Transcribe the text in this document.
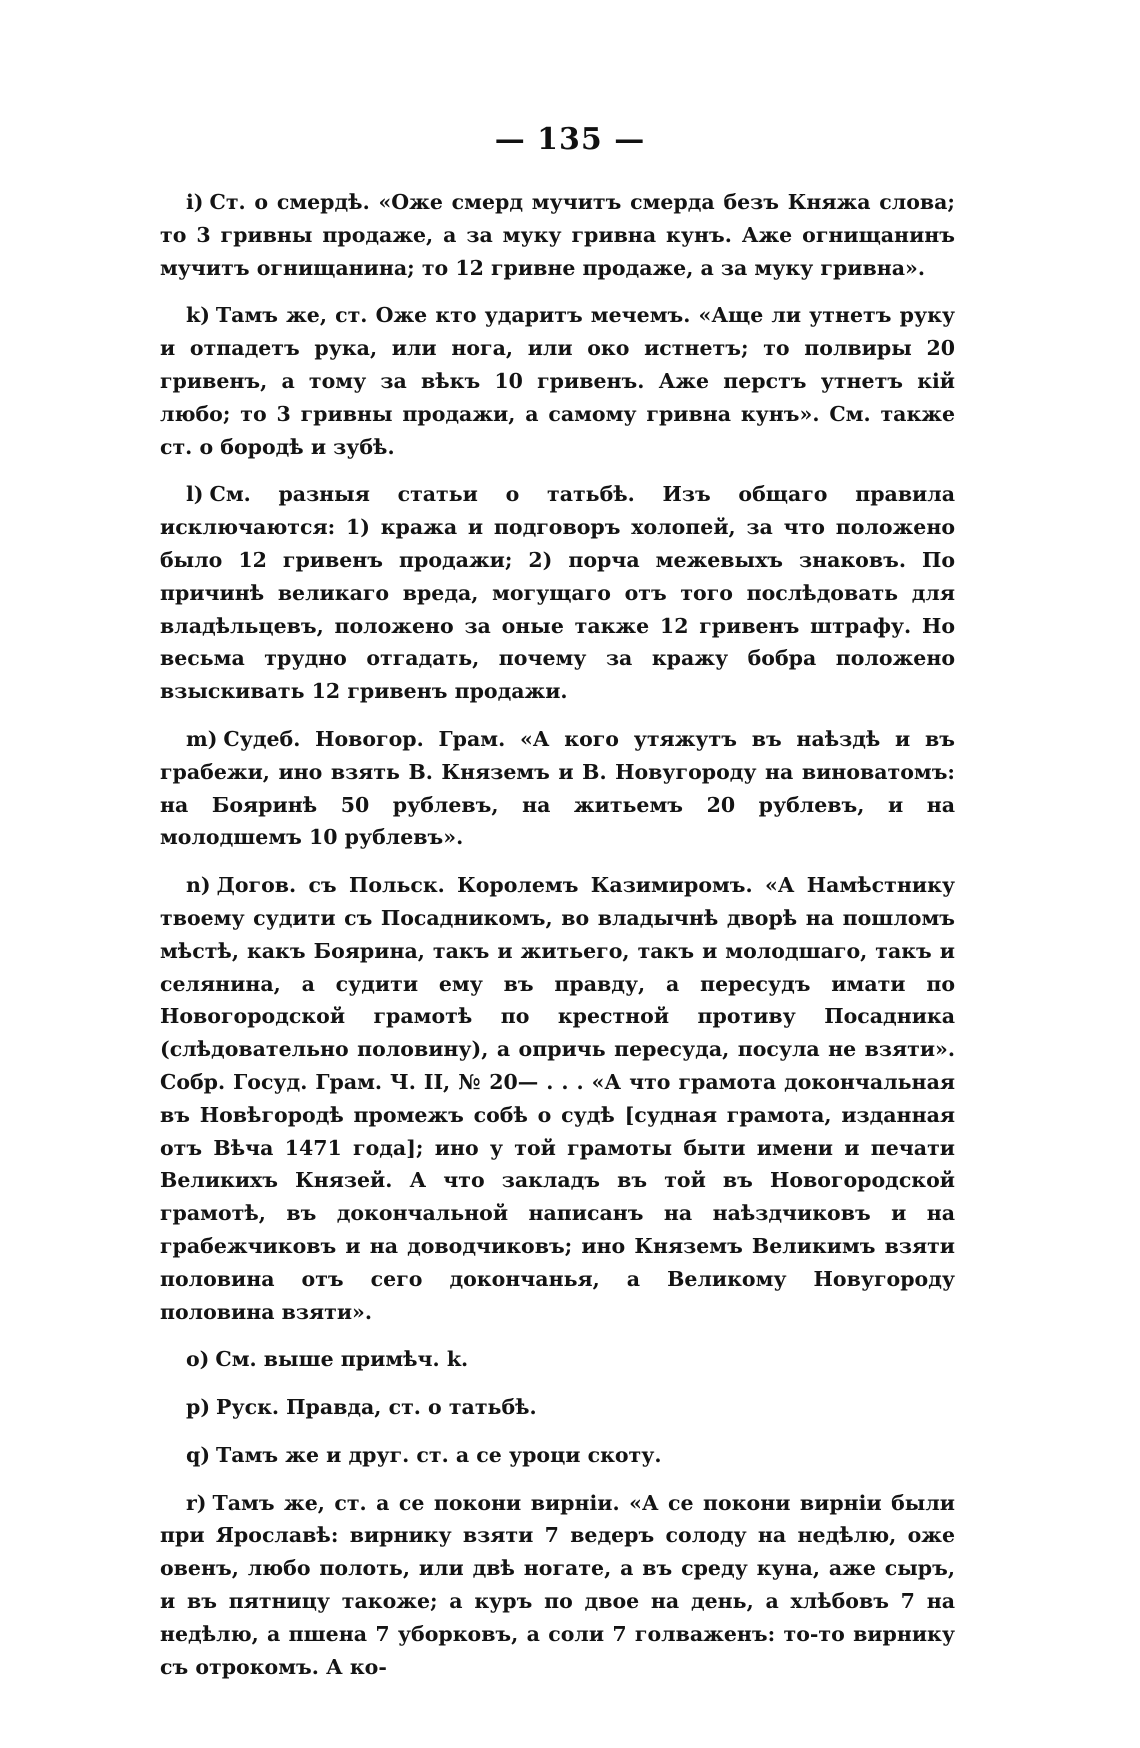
— 135 —

i) Ст. о смердѣ. «Оже смерд мучитъ смерда безъ Княжа слова; то 3 гривны продаже, а за муку гривна кунъ. Аже огнищанинъ мучитъ огнищанина; то 12 гривне продаже, а за муку гривна».

k) Тамъ же, ст. Оже кто ударитъ мечемъ. «Аще ли утнетъ руку и отпадетъ рука, или нога, или око истнетъ; то полвиры 20 гривенъ, а тому за вѣкъ 10 гривенъ. Аже перстъ утнетъ кій любо; то 3 гривны продажи, а самому гривна кунъ». См. также ст. о бородѣ и зубѣ.

l) См. разныя статьи о татьбѣ. Изъ общаго правила исключаются: 1) кража и подговоръ холопей, за что положено было 12 гривенъ продажи; 2) порча межевыхъ знаковъ. По причинѣ великаго вреда, могущаго отъ того послѣдовать для владѣльцевъ, положено за оные также 12 гривенъ штрафу. Но весьма трудно отгадать, почему за кражу бобра положено взыскивать 12 гривенъ продажи.

m) Судеб. Новогор. Грам. «А кого утяжутъ въ наѣздѣ и въ грабежи, ино взять В. Княземъ и В. Новугороду на виноватомъ: на Бояринѣ 50 рублевъ, на житьемъ 20 рублевъ, и на молодшемъ 10 рублевъ».

n) Догов. съ Польск. Королемъ Казимиромъ. «А Намѣстнику твоему судити съ Посадникомъ, во владычнѣ дворѣ на пошломъ мѣстѣ, какъ Боярина, такъ и житьего, такъ и молодшаго, такъ и селянина, а судити ему въ правду, а пересудъ имати по Новогородской грамотѣ по крестной противу Посадника (слѣдовательно половину), а опричь пересуда, посула не взяти». Собр. Госуд. Грам. Ч. II, № 20— . . . «А что грамота докончальная въ Новѣгородѣ промежъ собѣ о судѣ [судная грамота, изданная отъ Вѣча 1471 года]; ино у той грамоты быти имени и печати Великихъ Князей. А что закладъ въ той въ Новогородской грамотѣ, въ докончальной написанъ на наѣздчиковъ и на грабежчиковъ и на доводчиковъ; ино Княземъ Великимъ взяти половина отъ сего докончанья, а Великому Новугороду половина взяти».

o) См. выше примѣч. k.

p) Руск. Правда, ст. о татьбѣ.

q) Тамъ же и друг. ст. а се уроци скоту.

r) Тамъ же, ст. а се покони вирніи. «А се покони вирніи были при Ярославѣ: вирнику взяти 7 ведеръ солоду на недѣлю, оже овенъ, любо полоть, или двѣ ногате, а въ среду куна, аже сыръ, и въ пятницу такоже; а куръ по двое на день, а хлѣбовъ 7 на недѣлю, а пшена 7 уборковъ, а соли 7 голваженъ: то-то вирнику съ отрокомъ. А ко-
